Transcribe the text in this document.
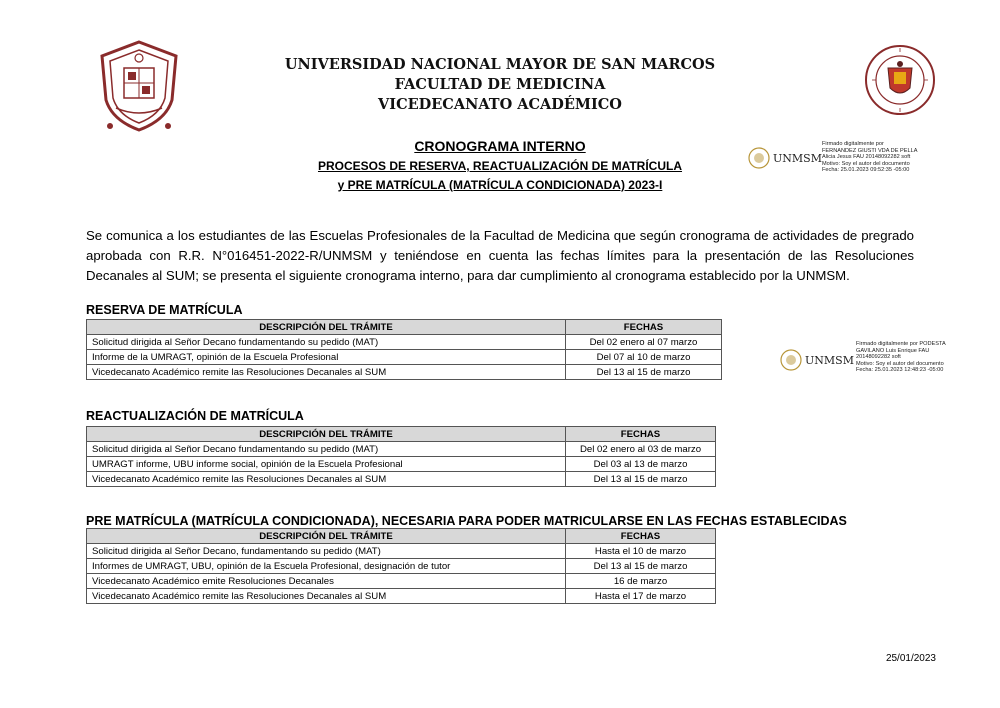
UNIVERSIDAD NACIONAL MAYOR DE SAN MARCOS
FACULTAD DE MEDICINA
VICEDECANATO ACADÉMICO
CRONOGRAMA INTERNO
PROCESOS DE RESERVA, REACTUALIZACIÓN DE MATRÍCULA
y PRE MATRÍCULA (MATRÍCULA CONDICIONADA) 2023-I
UNMSM
Firmado digitalmente por
FERNANDEZ GIUSTI VDA DE PELLA
Alicia Jesus FAU 20148092282 soft
Motivo: Soy el autor del documento
Fecha: 25.01.2023 09:52:35 -05:00
Se comunica a los estudiantes de las Escuelas Profesionales de la Facultad de Medicina que según cronograma de actividades de pregrado aprobada con R.R. N°016451-2022-R/UNMSM y teniéndose en cuenta las fechas límites para la presentación de las Resoluciones Decanales al SUM; se presenta el siguiente cronograma interno, para dar cumplimiento al cronograma establecido por la UNMSM.
RESERVA DE MATRÍCULA
DESCRIPCIÓN DEL TRÁMITE	FECHAS
Solicitud dirigida al Señor Decano fundamentando su pedido (MAT)	Del 02 enero al 07 marzo
Informe de la UMRAGT, opinión de la Escuela Profesional	Del 07 al 10 de marzo
Vicedecanato Académico remite las Resoluciones Decanales al SUM	Del 13 al 15 de marzo
UNMSM
Firmado digitalmente por PODESTA
GAVILANO Luis Enrique FAU
20148092282 soft
Motivo: Soy el autor del documento
Fecha: 25.01.2023 12:48:23 -05:00
REACTUALIZACIÓN DE MATRÍCULA
DESCRIPCIÓN DEL TRÁMITE	FECHAS
Solicitud dirigida al Señor Decano fundamentando su pedido (MAT)	Del 02 enero al 03 de marzo
UMRAGT informe, UBU informe social, opinión de la Escuela Profesional	Del 03 al 13 de marzo
Vicedecanato Académico remite las Resoluciones Decanales al SUM	Del 13 al 15 de marzo
PRE MATRÍCULA (MATRÍCULA CONDICIONADA), NECESARIA PARA PODER MATRICULARSE EN LAS FECHAS ESTABLECIDAS
DESCRIPCIÓN DEL TRÁMITE	FECHAS
Solicitud dirigida al Señor Decano, fundamentando su pedido (MAT)	Hasta el 10 de marzo
Informes de UMRAGT, UBU, opinión de la Escuela Profesional, designación de tutor	Del 13 al 15 de marzo
Vicedecanato Académico emite Resoluciones Decanales	16 de marzo
Vicedecanato Académico remite las Resoluciones Decanales al SUM	Hasta el 17 de marzo
25/01/2023
